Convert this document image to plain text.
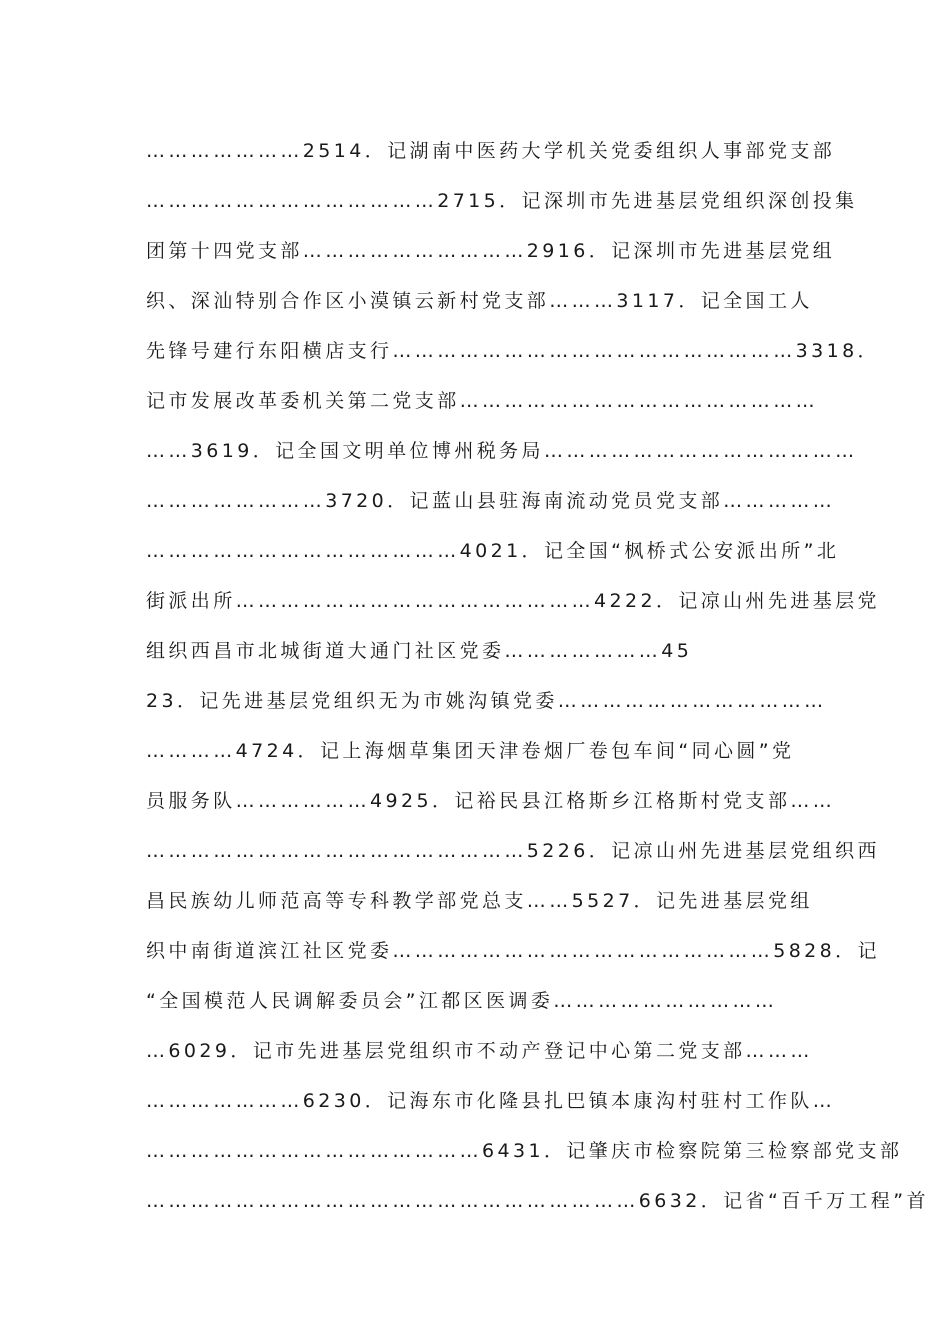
…………………2514．记湖南中医药大学机关党委组织人事部党支部
…………………………………2715．记深圳市先进基层党组织深创投集
团第十四党支部…………………………2916．记深圳市先进基层党组
织、深汕特别合作区小漠镇云新村党支部………3117．记全国工人
先锋号建行东阳横店支行………………………………………………3318．
记市发展改革委机关第二党支部…………………………………………
……3619．记全国文明单位博州税务局……………………………………
……………………3720．记蓝山县驻海南流动党员党支部……………
……………………………………4021．记全国“枫桥式公安派出所”北
街派出所…………………………………………4222．记凉山州先进基层党
组织西昌市北城街道大通门社区党委…………………45
23．记先进基层党组织无为市姚沟镇党委………………………………
…………4724．记上海烟草集团天津卷烟厂卷包车间“同心圆”党
员服务队………………4925．记裕民县江格斯乡江格斯村党支部……
……………………………………………5226．记凉山州先进基层党组织西
昌民族幼儿师范高等专科教学部党总支……5527．记先进基层党组
织中南街道滨江社区党委……………………………………………5828．记
“全国模范人民调解委员会”江都区医调委…………………………
…6029．记市先进基层党组织市不动产登记中心第二党支部………
…………………6230．记海东市化隆县扎巴镇本康沟村驻村工作队…
………………………………………6431．记肇庆市检察院第三检察部党支部
…………………………………………………………6632．记省“百千万工程”首
